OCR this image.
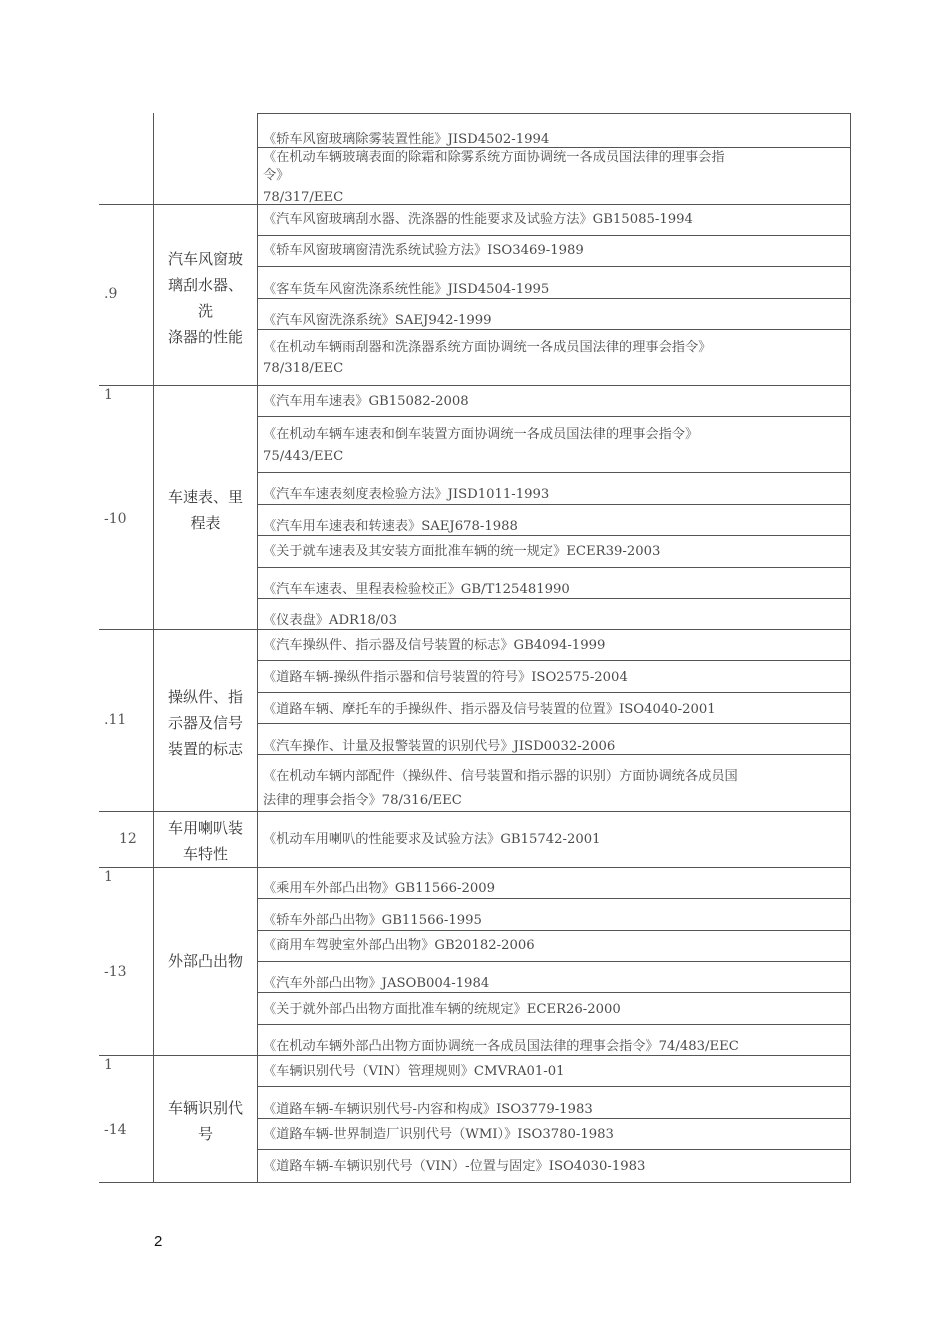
《轿车风窗玻璃除雾装置性能》JISD4502-1994
《在机动车辆玻璃表面的除霜和除雾系统方面协调统一各成员国法律的理事会指
令》
78/317/EEC
.9
汽车风窗玻
璃刮水器、
洗
涤器的性能
《汽车风窗玻璃刮水器、洗涤器的性能要求及试验方法》GB15085-1994
《轿车风窗玻璃窗清洗系统试验方法》ISO3469-1989
《客车货车风窗洗涤系统性能》JISD4504-1995
《汽车风窗洗涤系统》SAEJ942-1999
《在机动车辆雨刮器和洗涤器系统方面协调统一各成员国法律的理事会指令》
78/318/EEC
1
-10
车速表、里
程表
《汽车用车速表》GB15082-2008
《在机动车辆车速表和倒车装置方面协调统一各成员国法律的理事会指令》
75/443/EEC
《汽车车速表刻度表检验方法》JISD1011-1993
《汽车用车速表和转速表》SAEJ678-1988
《关于就车速表及其安装方面批准车辆的统一规定》ECER39-2003
《汽车车速表、里程表检验校正》GB/T125481990
《仪表盘》ADR18/03
.11
操纵件、指
示器及信号
装置的标志
《汽车操纵件、指示器及信号装置的标志》GB4094-1999
《道路车辆-操纵件指示器和信号装置的符号》ISO2575-2004
《道路车辆、摩托车的手操纵件、指示器及信号装置的位置》ISO4040-2001
《汽车操作、计量及报警装置的识别代号》JISD0032-2006
《在机动车辆内部配件（操纵件、信号装置和指示器的识别）方面协调统各成员国
法律的理事会指令》78/316/EEC
12
车用喇叭装
车特性
《机动车用喇叭的性能要求及试验方法》GB15742-2001
1
-13
外部凸出物
《乘用车外部凸出物》GB11566-2009
《轿车外部凸出物》GB11566-1995
《商用车驾驶室外部凸出物》GB20182-2006
《汽车外部凸出物》JASOB004-1984
《关于就外部凸出物方面批准车辆的统规定》ECER26-2000
《在机动车辆外部凸出物方面协调统一各成员国法律的理事会指令》74/483/EEC
1
-14
车辆识别代
号
《车辆识别代号（VIN）管理规则》CMVRA01-01
《道路车辆-车辆识别代号-内容和构成》ISO3779-1983
《道路车辆-世界制造厂识别代号（WMI）》ISO3780-1983
《道路车辆-车辆识别代号（VIN）-位置与固定》ISO4030-1983
2
